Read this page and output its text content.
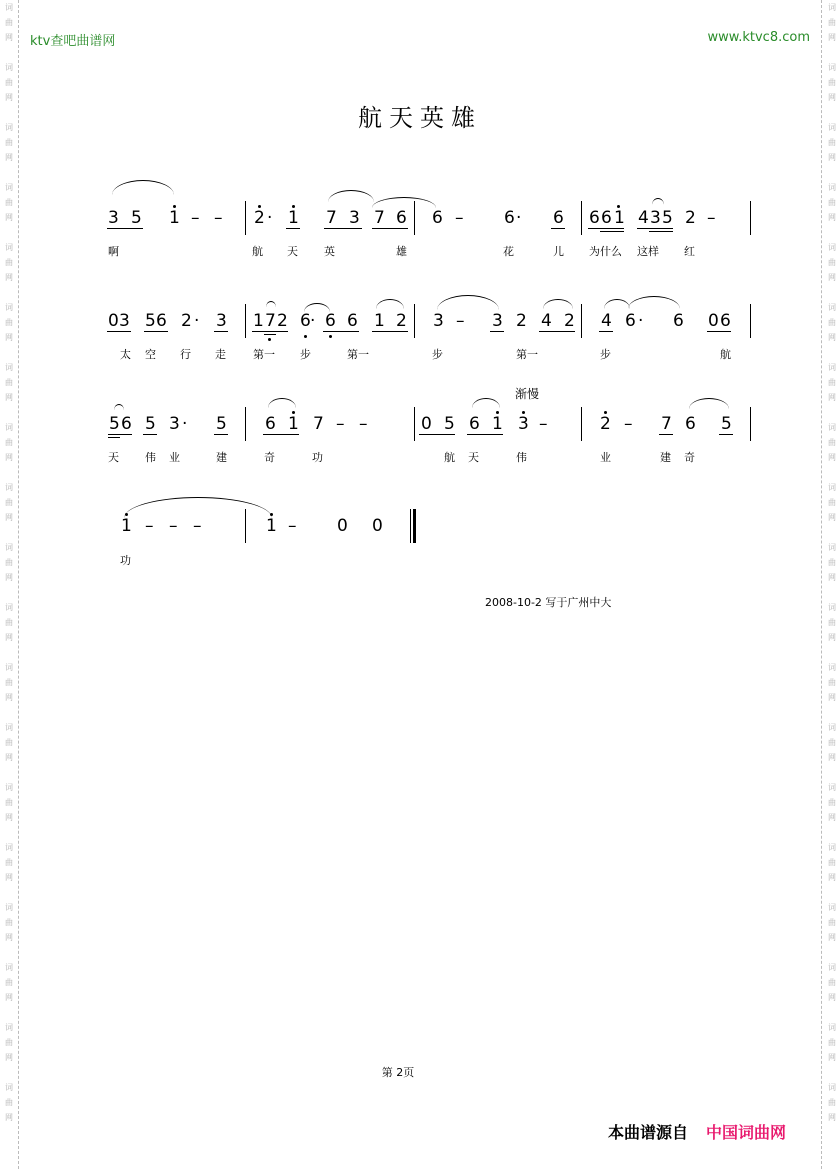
词
曲
网
词
曲
网
词
曲
网
词
曲
网
词
曲
网
词
曲
网
词
曲
网
词
曲
网
词
曲
网
词
曲
网
词
曲
网
词
曲
网
词
曲
网
词
曲
网
词
曲
网
词
曲
网
词
曲
网
词
曲
网
词
曲
网
词
曲
网
词
曲
网
词
曲
网
词
曲
网
词
曲
网
词
曲
网
词
曲
网
词
曲
网
词
曲
网
词
曲
网
词
曲
网
词
曲
网
词
曲
网
词
曲
网
词
曲
网
词
曲
网
词
曲
网
词
曲
网
词
曲
网
ktv查吧曲谱网	www.ktvc8.com
航天英雄
3 5 1 – – 2 · 1 7 3 7 6 6 – 6 · 6 6 6 1 4 3 5 2 –
啊	航 天 英	雄	花	儿 为什么 这样 红
0 3 5 6 2 · 3 1 7 2 6 · 6 6 1 2 3 – 3 2 4 2 4 6 · 6 0 6
太 空 行 走 第一 步	第一	步	第一	步	航
渐慢
5 6 5 3 · 5 6 1 7 – –	0 5 6 1 3 –	2 – 7 6 5
天 伟 业	建	奇	功	航 天	伟	业	建 奇
1 – – –	1 – 0 0
功
2008-10-2 写于广州中大
第 2页
本曲谱源自 中国词曲网
